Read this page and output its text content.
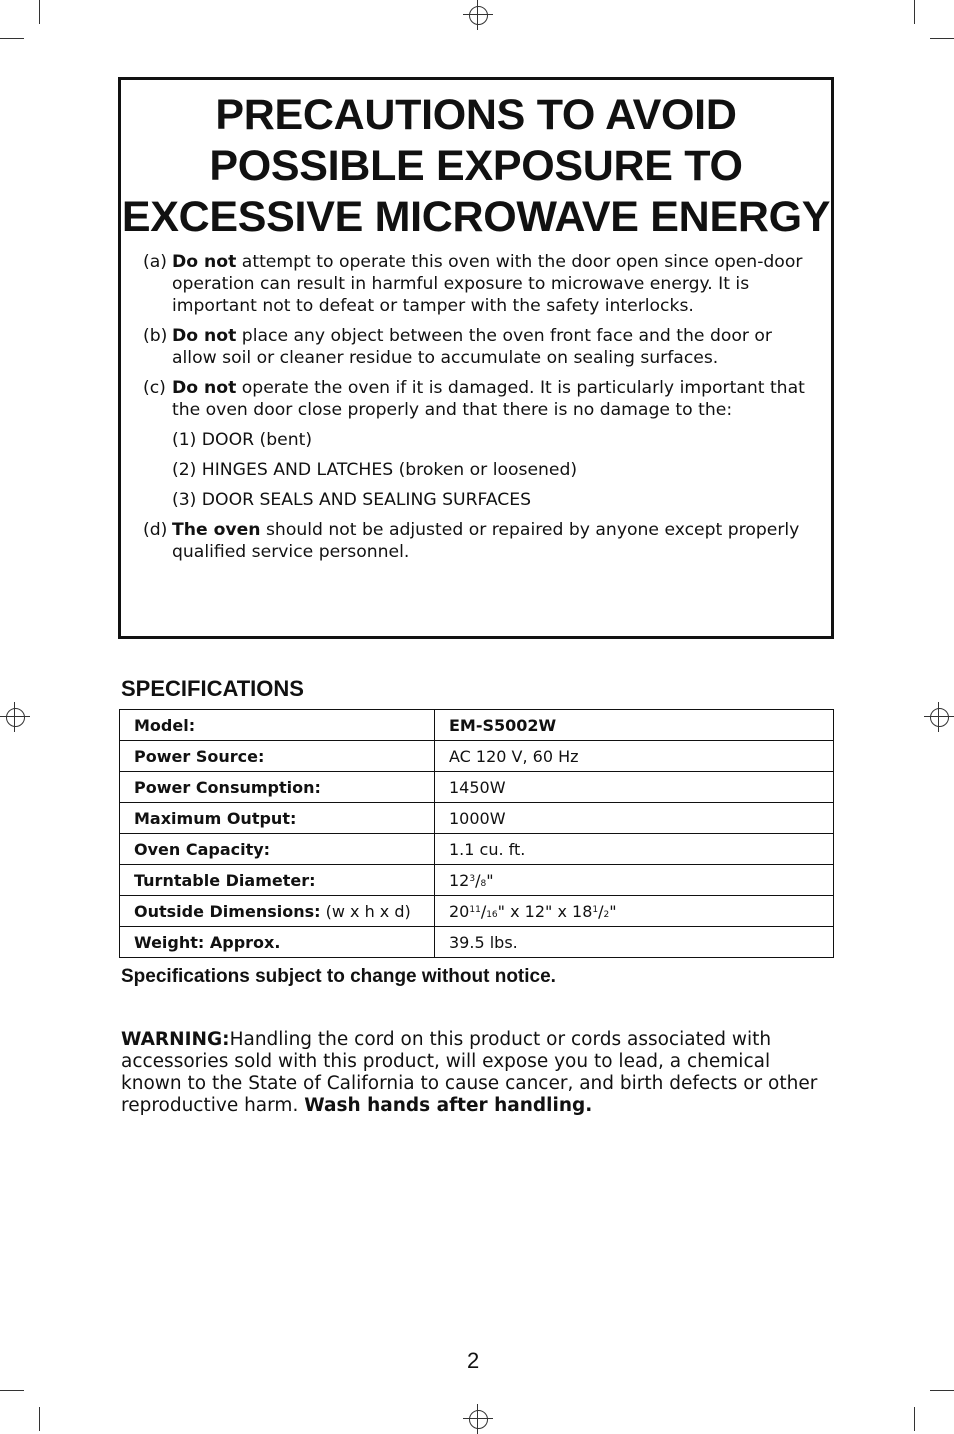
PRECAUTIONS TO AVOID POSSIBLE EXPOSURE TO EXCESSIVE MICROWAVE ENERGY
(a) Do not attempt to operate this oven with the door open since open-door operation can result in harmful exposure to microwave energy. It is important not to defeat or tamper with the safety interlocks.
(b) Do not place any object between the oven front face and the door or allow soil or cleaner residue to accumulate on sealing surfaces.
(c) Do not operate the oven if it is damaged. It is particularly important that the oven door close properly and that there is no damage to the:
(1) DOOR (bent)
(2) HINGES AND LATCHES (broken or loosened)
(3) DOOR SEALS AND SEALING SURFACES
(d) The oven should not be adjusted or repaired by anyone except properly qualified service personnel.
SPECIFICATIONS
Model:	EM-S5002W
Power Source:	AC 120 V, 60 Hz
Power Consumption:	1450W
Maximum Output:	1000W
Oven Capacity:	1.1 cu. ft.
Turntable Diameter:	$12^3/8$"
Outside Dimensions: (w x h x d)	$20^{11}/16$" x 12" x $18^1/2$"
Weight: Approx.	39.5 lbs.
Specifications subject to change without notice.

WARNING:Handling the cord on this product or cords associated with accessories sold with this product, will expose you to lead, a chemical known to the State of California to cause cancer, and birth defects or other reproductive harm. Wash hands after handling.

2
